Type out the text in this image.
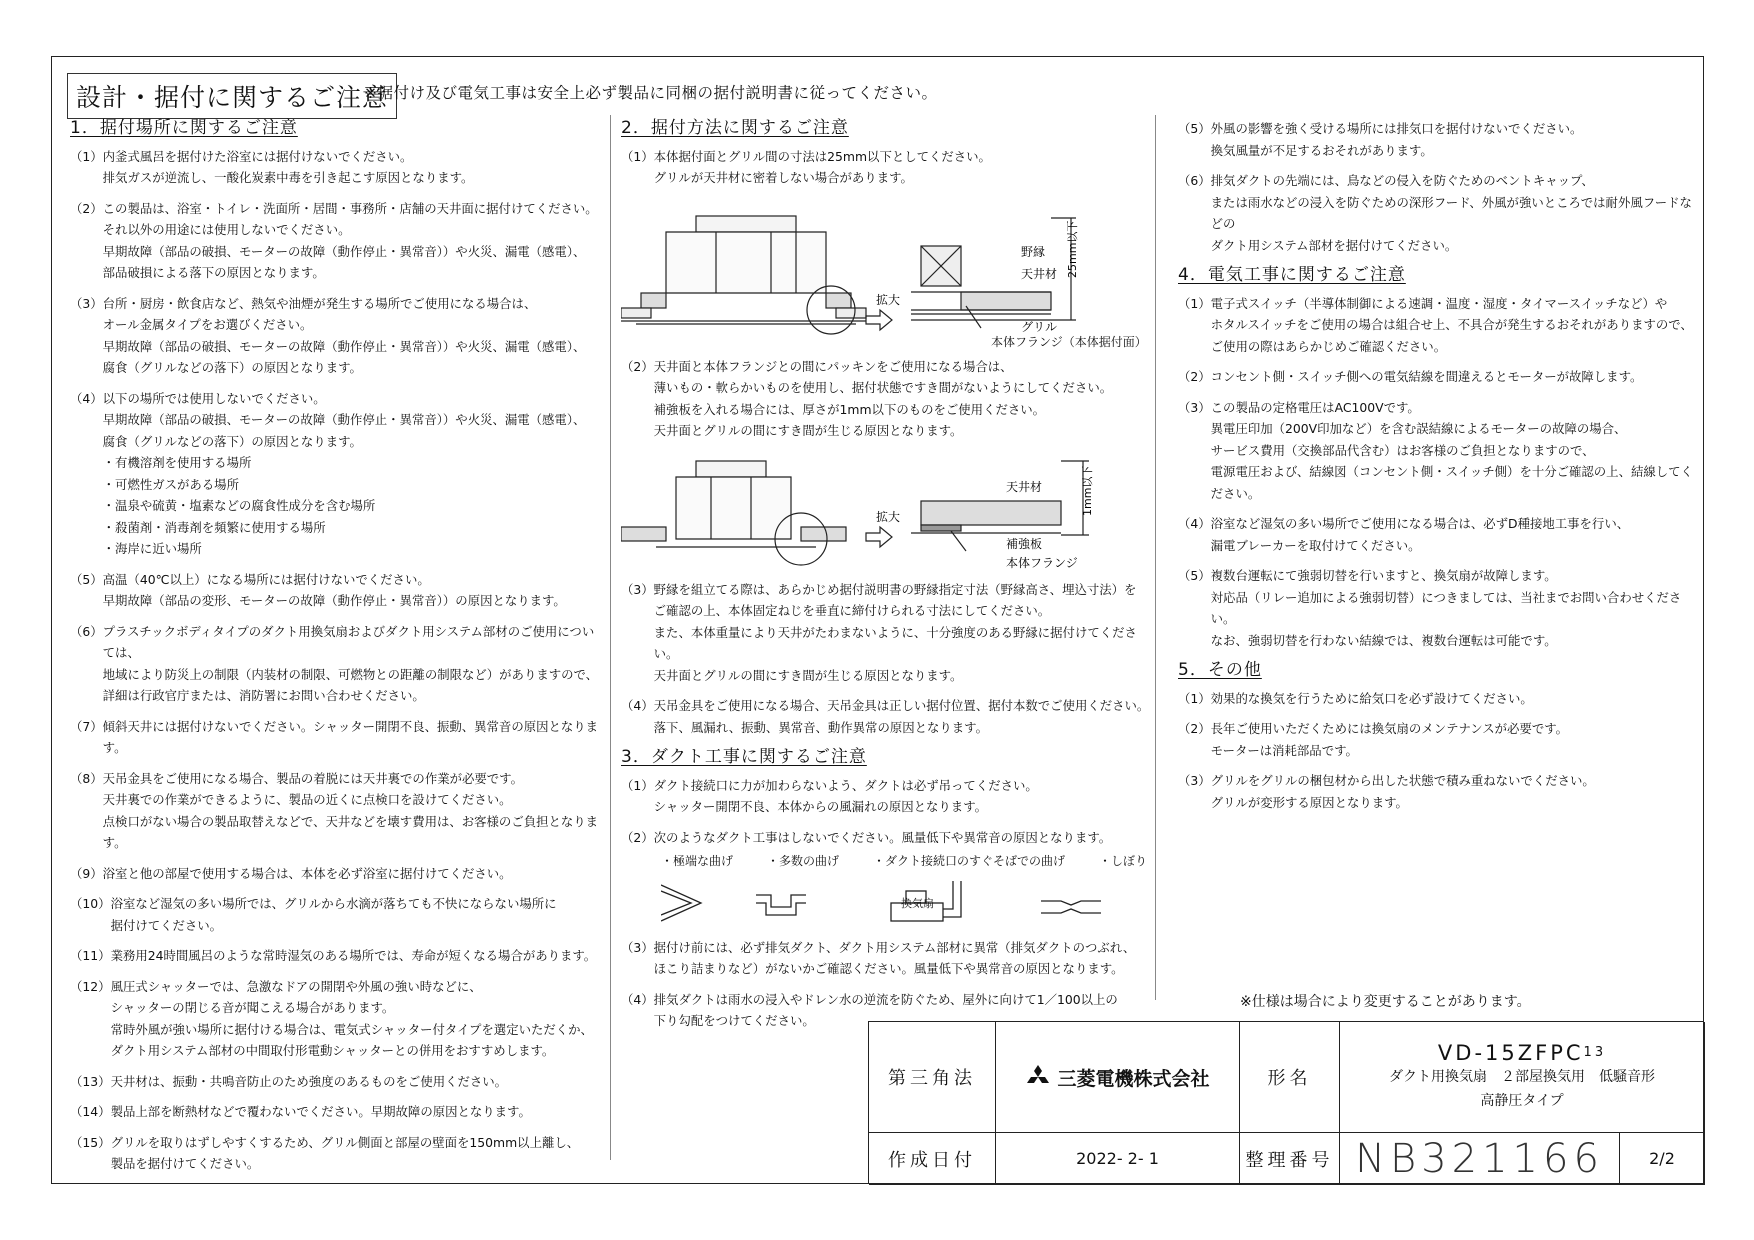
設計・据付に関するご注意
※据付け及び電気工事は安全上必ず製品に同梱の据付説明書に従ってください。
1．据付場所に関するご注意
（1） 内釜式風呂を据付けた浴室には据付けないでください。
排気ガスが逆流し、一酸化炭素中毒を引き起こす原因となります。
（2） この製品は、浴室・トイレ・洗面所・居間・事務所・店舗の天井面に据付けてください。
それ以外の用途には使用しないでください。
早期故障（部品の破損、モーターの故障（動作停止・異常音））や火災、漏電（感電）、
部品破損による落下の原因となります。
（3） 台所・厨房・飲食店など、熱気や油煙が発生する場所でご使用になる場合は、
オール金属タイプをお選びください。
早期故障（部品の破損、モーターの故障（動作停止・異常音））や火災、漏電（感電）、
腐食（グリルなどの落下）の原因となります。
（4） 以下の場所では使用しないでください。
早期故障（部品の破損、モーターの故障（動作停止・異常音））や火災、漏電（感電）、
腐食（グリルなどの落下）の原因となります。
・有機溶剤を使用する場所
・可燃性ガスがある場所
・温泉や硫黄・塩素などの腐食性成分を含む場所
・殺菌剤・消毒剤を頻繁に使用する場所
・海岸に近い場所
（5） 高温（40℃以上）になる場所には据付けないでください。
早期故障（部品の変形、モーターの故障（動作停止・異常音））の原因となります。
（6） プラスチックボディタイプのダクト用換気扇およびダクト用システム部材のご使用については、
地域により防災上の制限（内装材の制限、可燃物との距離の制限など）がありますので、
詳細は行政官庁または、消防署にお問い合わせください。
（7） 傾斜天井には据付けないでください。シャッター開閉不良、振動、異常音の原因となります。
（8） 天吊金具をご使用になる場合、製品の着脱には天井裏での作業が必要です。
天井裏での作業ができるように、製品の近くに点検口を設けてください。
点検口がない場合の製品取替えなどで、天井などを壊す費用は、お客様のご負担となります。
（9） 浴室と他の部屋で使用する場合は、本体を必ず浴室に据付けてください。
（10） 浴室など湿気の多い場所では、グリルから水滴が落ちても不快にならない場所に
据付けてください。
（11） 業務用24時間風呂のような常時湿気のある場所では、寿命が短くなる場合があります。
（12） 風圧式シャッターでは、急激なドアの開閉や外風の強い時などに、
シャッターの閉じる音が聞こえる場合があります。
常時外風が強い場所に据付ける場合は、電気式シャッター付タイプを選定いただくか、
ダクト用システム部材の中間取付形電動シャッターとの併用をおすすめします。
（13） 天井材は、振動・共鳴音防止のため強度のあるものをご使用ください。
（14） 製品上部を断熱材などで覆わないでください。早期故障の原因となります。
（15） グリルを取りはずしやすくするため、グリル側面と部屋の壁面を150mm以上離し、
製品を据付けてください。
2．据付方法に関するご注意
（1） 本体据付面とグリル間の寸法は25mm以下としてください。
グリルが天井材に密着しない場合があります。
拡大
野縁
天井材 25mm以下
グリル
本体フランジ（本体据付面）
（2） 天井面と本体フランジとの間にパッキンをご使用になる場合は、
薄いもの・軟らかいものを使用し、据付状態ですき間がないようにしてください。
補強板を入れる場合には、厚さが1mm以下のものをご使用ください。
天井面とグリルの間にすき間が生じる原因となります。
拡大
天井材	1mm以下
補強板
本体フランジ
（3） 野縁を組立てる際は、あらかじめ据付説明書の野縁指定寸法（野縁高さ、埋込寸法）を
ご確認の上、本体固定ねじを垂直に締付けられる寸法にしてください。
また、本体重量により天井がたわまないように、十分強度のある野縁に据付けてください。
天井面とグリルの間にすき間が生じる原因となります。
（4） 天吊金具をご使用になる場合、天吊金具は正しい据付位置、据付本数でご使用ください。
落下、風漏れ、振動、異常音、動作異常の原因となります。
3．ダクト工事に関するご注意
（1） ダクト接続口に力が加わらないよう、ダクトは必ず吊ってください。
シャッター開閉不良、本体からの風漏れの原因となります。
（2） 次のようなダクト工事はしないでください。風量低下や異常音の原因となります。
・極端な曲げ	・多数の曲げ	・ダクト接続口のすぐそばでの曲げ	・しぼり
換気扇
（3） 据付け前には、必ず排気ダクト、ダクト用システム部材に異常（排気ダクトのつぶれ、
ほこり詰まりなど）がないかご確認ください。風量低下や異常音の原因となります。
（4） 排気ダクトは雨水の浸入やドレン水の逆流を防ぐため、屋外に向けて1／100以上の
下り勾配をつけてください。
（5） 外風の影響を強く受ける場所には排気口を据付けないでください。
換気風量が不足するおそれがあります。
（6） 排気ダクトの先端には、鳥などの侵入を防ぐためのベントキャップ、
または雨水などの浸入を防ぐための深形フード、外風が強いところでは耐外風フードなどの
ダクト用システム部材を据付けてください。
4．電気工事に関するご注意
（1） 電子式スイッチ（半導体制御による速調・温度・湿度・タイマースイッチなど）や
ホタルスイッチをご使用の場合は組合せ上、不具合が発生するおそれがありますので、
ご使用の際はあらかじめご確認ください。
（2） コンセント側・スイッチ側への電気結線を間違えるとモーターが故障します。
（3） この製品の定格電圧はAC100Vです。
異電圧印加（200V印加など）を含む誤結線によるモーターの故障の場合、
サービス費用（交換部品代含む）はお客様のご負担となりますので、
電源電圧および、結線図（コンセント側・スイッチ側）を十分ご確認の上、結線してください。
（4） 浴室など湿気の多い場所でご使用になる場合は、必ずD種接地工事を行い、
漏電ブレーカーを取付けてください。
（5） 複数台運転にて強弱切替を行いますと、換気扇が故障します。
対応品（リレー追加による強弱切替）につきましては、当社までお問い合わせください。
なお、強弱切替を行わない結線では、複数台運転は可能です。
5．その他
（1） 効果的な換気を行うために給気口を必ず設けてください。
（2） 長年ご使用いただくためには換気扇のメンテナンスが必要です。
モーターは消耗部品です。
（3） グリルをグリルの梱包材から出した状態で積み重ねないでください。
グリルが変形する原因となります。
※仕様は場合により変更することがあります。
第三角法	三菱電機株式会社	形名
VD-15ZFPC 13
ダクト用換気扇　２部屋換気用　低騒音形
高静圧タイプ
作成日付	2022- 2- 1	整理番号 NB321166	2/2
